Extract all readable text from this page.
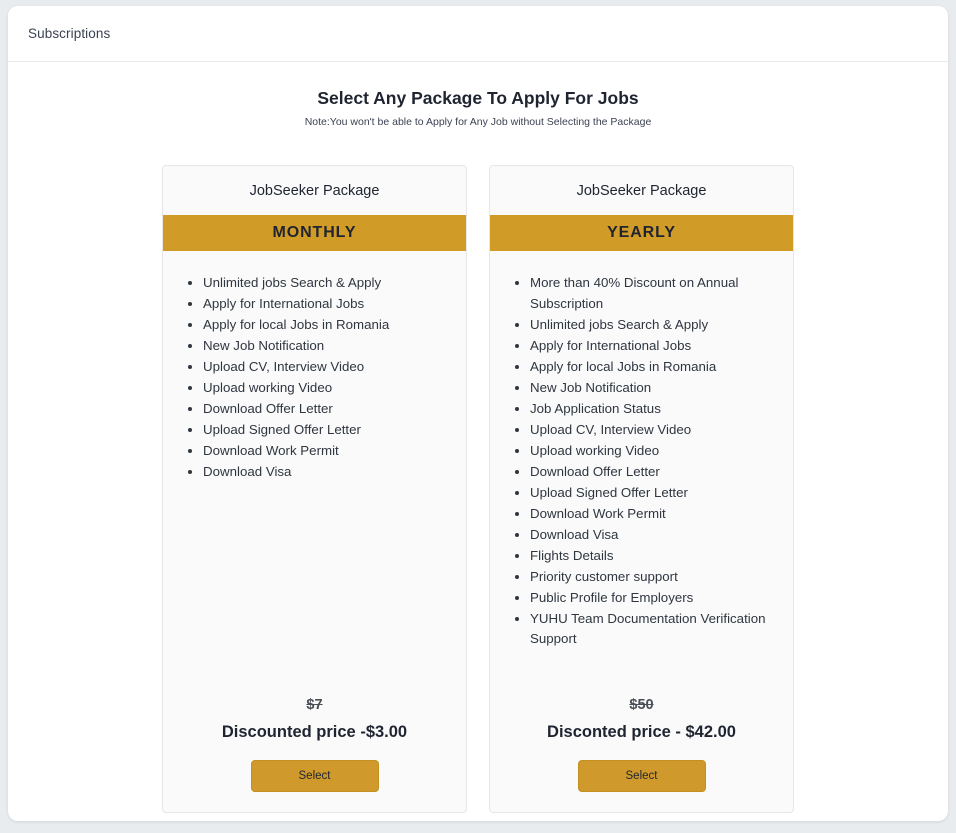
Subscriptions
Select Any Package To Apply For Jobs

Note:You won't be able to Apply for Any Job without Selecting the Package

JobSeeker Package
MONTHLY
• Unlimited jobs Search & Apply
• Apply for International Jobs
• Apply for local Jobs in Romania
• New Job Notification
• Upload CV, Interview Video
• Upload working Video
• Download Offer Letter
• Upload Signed Offer Letter
• Download Work Permit
• Download Visa
$7
Discounted price -$3.00
Select
JobSeeker Package
YEARLY
• More than 40% Discount on Annual Subscription
• Unlimited jobs Search & Apply
• Apply for International Jobs
• Apply for local Jobs in Romania
• New Job Notification
• Job Application Status
• Upload CV, Interview Video
• Upload working Video
• Download Offer Letter
• Upload Signed Offer Letter
• Download Work Permit
• Download Visa
• Flights Details
• Priority customer support
• Public Profile for Employers
• YUHU Team Documentation Verification Support
$50
Disconted price - $42.00
Select
